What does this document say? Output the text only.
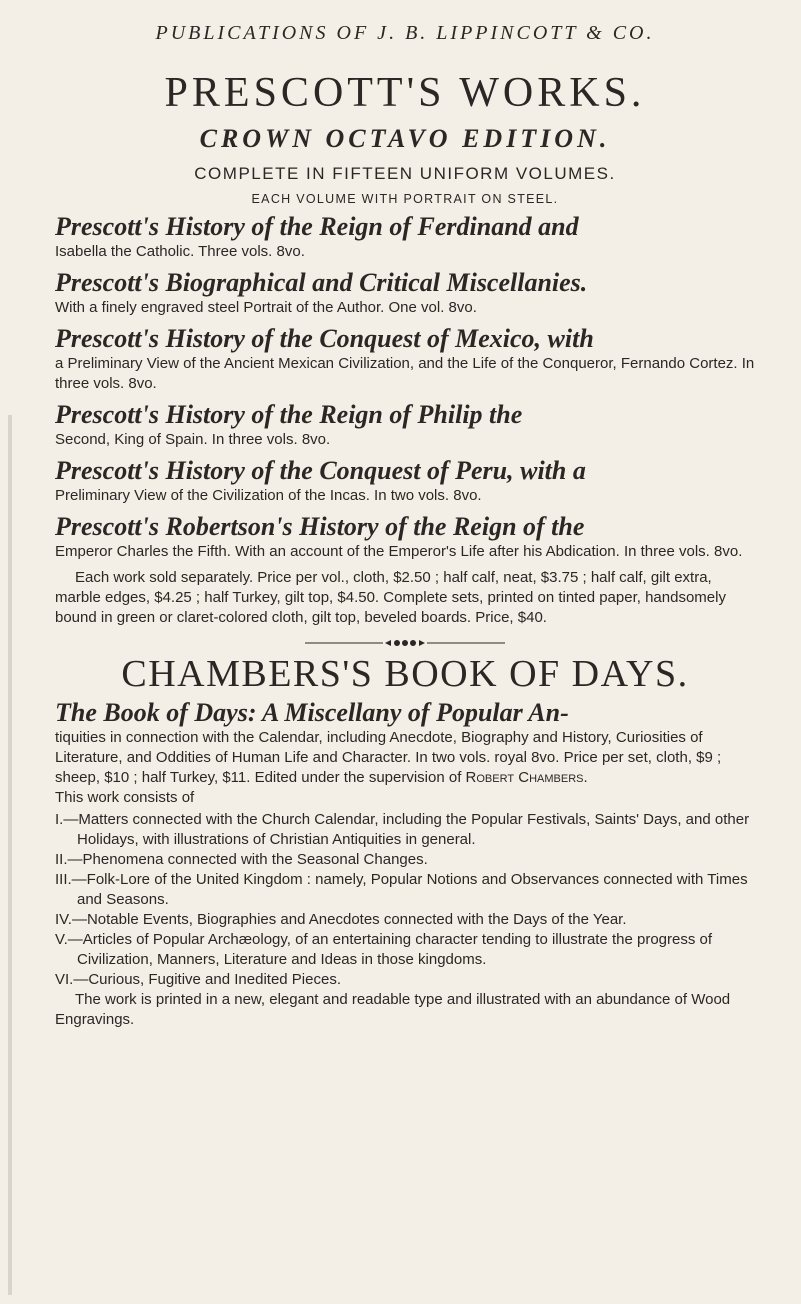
PUBLICATIONS OF J. B. LIPPINCOTT & CO.
PRESCOTT'S WORKS.
CROWN OCTAVO EDITION.
COMPLETE IN FIFTEEN UNIFORM VOLUMES.
EACH VOLUME WITH PORTRAIT ON STEEL.
Prescott's History of the Reign of Ferdinand and
Isabella the Catholic. Three vols. 8vo.
Prescott's Biographical and Critical Miscellanies.
With a finely engraved steel Portrait of the Author. One vol. 8vo.
Prescott's History of the Conquest of Mexico, with
a Preliminary View of the Ancient Mexican Civilization, and the Life of the Conqueror, Fernando Cortez. In three vols. 8vo.
Prescott's History of the Reign of Philip the
Second, King of Spain. In three vols. 8vo.
Prescott's History of the Conquest of Peru, with a
Preliminary View of the Civilization of the Incas. In two vols. 8vo.
Prescott's Robertson's History of the Reign of the
Emperor Charles the Fifth. With an account of the Emperor's Life after his Abdication. In three vols. 8vo.
Each work sold separately. Price per vol., cloth, $2.50 ; half calf, neat, $3.75 ; half calf, gilt extra, marble edges, $4.25 ; half Turkey, gilt top, $4.50. Complete sets, printed on tinted paper, handsomely bound in green or claret-colored cloth, gilt top, beveled boards. Price, $40.
CHAMBERS'S BOOK OF DAYS.
The Book of Days: A Miscellany of Popular An-
tiquities in connection with the Calendar, including Anecdote, Biography and History, Curiosities of Literature, and Oddities of Human Life and Character. In two vols. royal 8vo. Price per set, cloth, $9 ; sheep, $10 ; half Turkey, $11. Edited under the supervision of Robert Chambers.
This work consists of
I.—Matters connected with the Church Calendar, including the Popular Festivals, Saints' Days, and other Holidays, with illustrations of Christian Antiquities in general.
II.—Phenomena connected with the Seasonal Changes.
III.—Folk-Lore of the United Kingdom : namely, Popular Notions and Observances connected with Times and Seasons.
IV.—Notable Events, Biographies and Anecdotes connected with the Days of the Year.
V.—Articles of Popular Archæology, of an entertaining character tending to illustrate the progress of Civilization, Manners, Literature and Ideas in those kingdoms.
VI.—Curious, Fugitive and Inedited Pieces.
The work is printed in a new, elegant and readable type and illustrated with an abundance of Wood Engravings.
